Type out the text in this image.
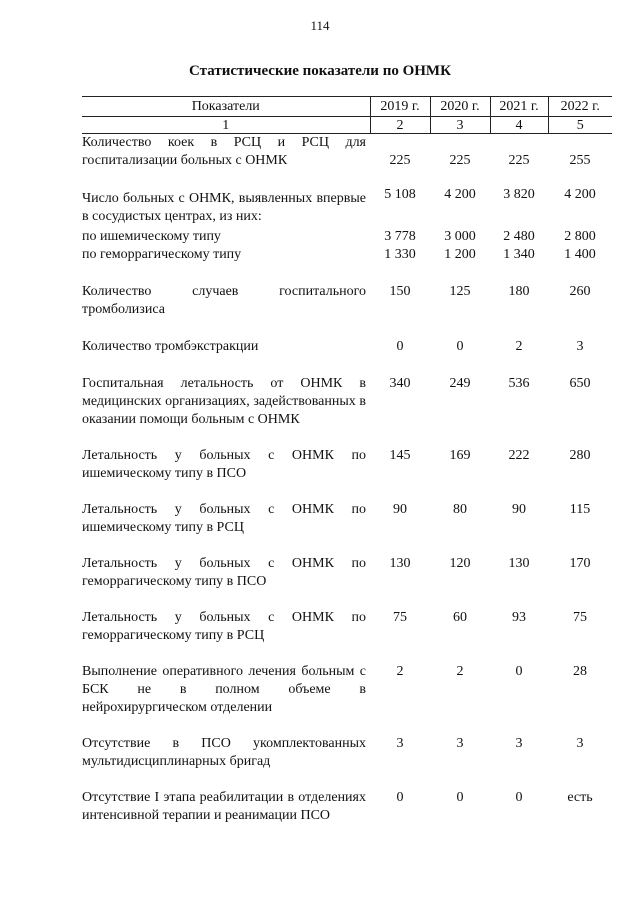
114
Статистические показатели по ОНМК
Показатели	2019 г.	2020 г.	2021 г.	2022 г.
1	2	3	4	5
Количество коек в РСЦ и РСЦ для госпитализации больных с ОНМК	225	225	225	255
Число больных с ОНМК, выявленных впервые в сосудистых центрах, из них:	5 108	4 200	3 820	4 200
по ишемическому типу	3 778	3 000	2 480	2 800
по геморрагическому типу	1 330	1 200	1 340	1 400
Количество случаев госпитального тромболизиса	150	125	180	260
Количество тромбэкстракции	0	0	2	3
Госпитальная летальность от ОНМК в медицинских организациях, задействованных в оказании помощи больным с ОНМК	340	249	536	650
Летальность у больных с ОНМК по ишемическому типу в ПСО	145	169	222	280
Летальность у больных с ОНМК по ишемическому типу в РСЦ	90	80	90	115
Летальность у больных с ОНМК по геморрагическому типу в ПСО	130	120	130	170
Летальность у больных с ОНМК по геморрагическому типу в РСЦ	75	60	93	75
Выполнение оперативного лечения больным с БСК не в полном объеме в нейрохирургическом отделении	2	2	0	28
Отсутствие в ПСО укомплектованных мультидисциплинарных бригад	3	3	3	3
Отсутствие I этапа реабилитации в отделениях интенсивной терапии и реанимации ПСО	0	0	0	есть
